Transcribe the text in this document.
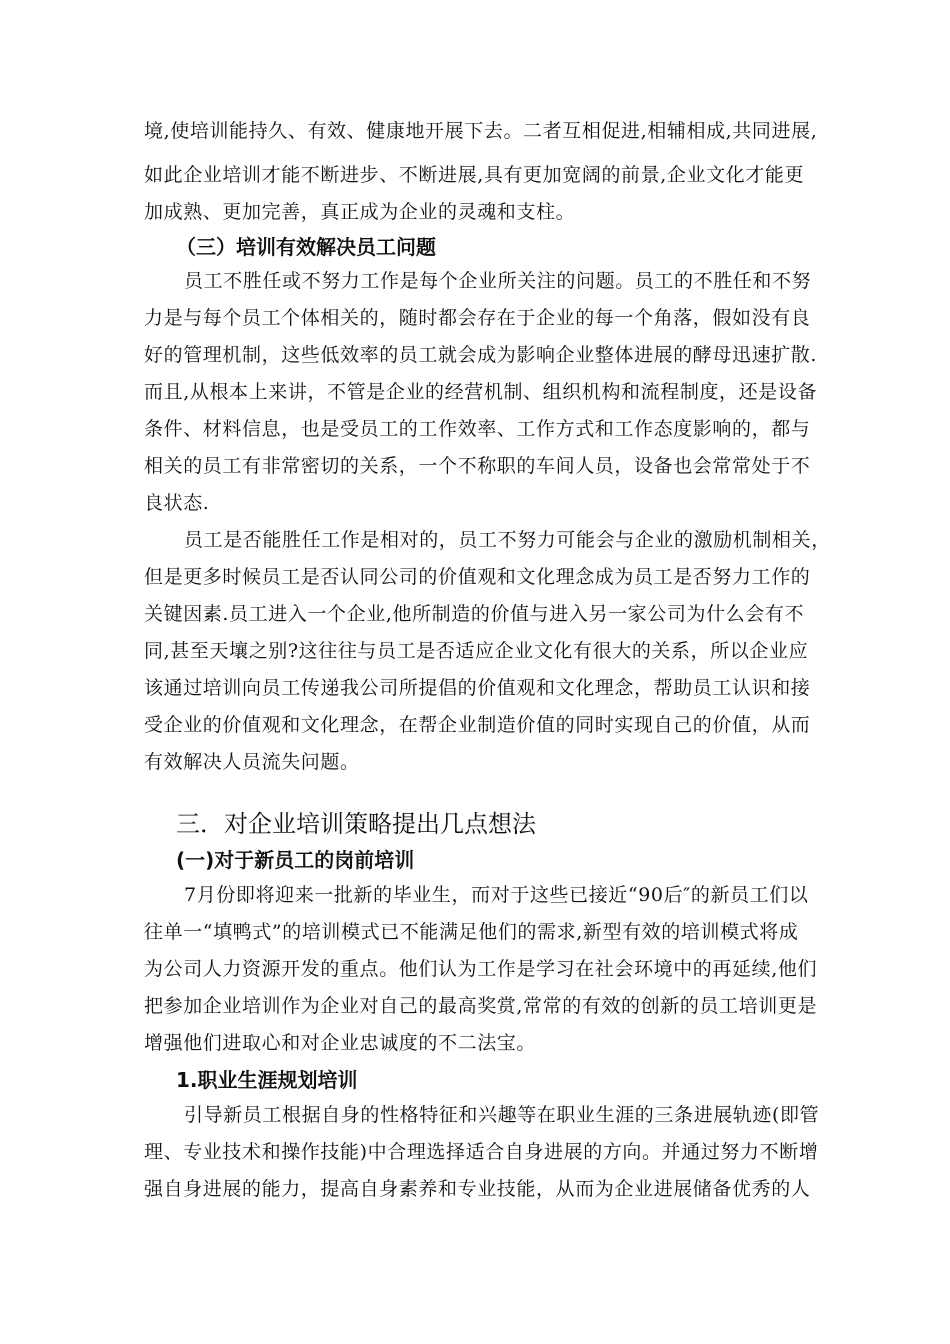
境,使培训能持久、有效、健康地开展下去。二者互相促进,相辅相成,共同进展,
如此企业培训才能不断进步、不断进展,具有更加宽阔的前景,企业文化才能更
加成熟、更加完善，真正成为企业的灵魂和支柱。
（三）培训有效解决员工问题
员工不胜任或不努力工作是每个企业所关注的问题。员工的不胜任和不努
力是与每个员工个体相关的，随时都会存在于企业的每一个角落，假如没有良
好的管理机制，这些低效率的员工就会成为影响企业整体进展的酵母迅速扩散.
而且,从根本上来讲，不管是企业的经营机制、组织机构和流程制度，还是设备
条件、材料信息，也是受员工的工作效率、工作方式和工作态度影响的，都与
相关的员工有非常密切的关系，一个不称职的车间人员，设备也会常常处于不
良状态.
员工是否能胜任工作是相对的，员工不努力可能会与企业的激励机制相关，
但是更多时候员工是否认同公司的价值观和文化理念成为员工是否努力工作的
关键因素.员工进入一个企业,他所制造的价值与进入另一家公司为什么会有不
同,甚至天壤之别?这往往与员工是否适应企业文化有很大的关系，所以企业应
该通过培训向员工传递我公司所提倡的价值观和文化理念，帮助员工认识和接
受企业的价值观和文化理念，在帮企业制造价值的同时实现自己的价值，从而
有效解决人员流失问题。
三．对企业培训策略提出几点想法
(一)对于新员工的岗前培训
7月份即将迎来一批新的毕业生，而对于这些已接近“90后″的新员工们以
往单一“填鸭式”的培训模式已不能满足他们的需求,新型有效的培训模式将成
为公司人力资源开发的重点。他们认为工作是学习在社会环境中的再延续,他们
把参加企业培训作为企业对自己的最高奖赏,常常的有效的创新的员工培训更是
增强他们进取心和对企业忠诚度的不二法宝。
1.职业生涯规划培训
引导新员工根据自身的性格特征和兴趣等在职业生涯的三条进展轨迹(即管
理、专业技术和操作技能)中合理选择适合自身进展的方向。并通过努力不断增
强自身进展的能力，提高自身素养和专业技能，从而为企业进展储备优秀的人
